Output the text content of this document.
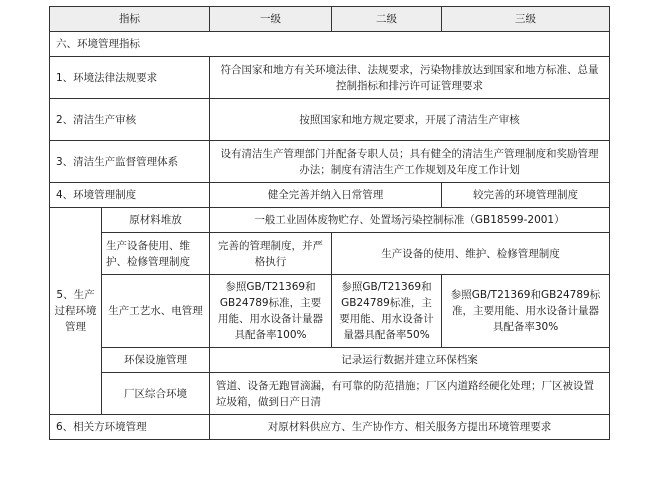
指标		一级	二级	三级
六、环境管理指标				
1、环境法律法规要求		符合国家和地方有关环境法律、法规要求，污染物排放达到国家和地方标准、总量控制指标和排污许可证管理要求		
2、清洁生产审核		按照国家和地方规定要求，开展了清洁生产审核		
3、清洁生产监督管理体系		设有清洁生产管理部门并配备专职人员；具有健全的清洁生产管理制度和奖励管理办法；制度有清洁生产工作规划及年度工作计划		
4、环境管理制度		健全完善并纳入日常管理		较完善的环境管理制度
5、生产过程环境管理	原材料堆放	一般工业固体废物贮存、处置场污染控制标准（GB18599-2001）		
	生产设备使用、维护、检修管理制度	完善的管理制度，并严格执行	生产设备的使用、维护、检修管理制度	
	生产工艺水、电管理	参照GB/T21369和GB24789标准，主要用能、用水设备计量器具配备率100%	参照GB/T21369和GB24789标准，主要用能、用水设备计量器具配备率50%	参照GB/T21369和GB24789标准，主要用能、用水设备计量器具配备率30%
	环保设施管理	记录运行数据并建立环保档案		
	厂区综合环境	管道、设备无跑冒滴漏，有可靠的防范措施；厂区内道路经硬化处理；厂区被设置垃圾箱，做到日产日清		
6、相关方环境管理		对原材料供应方、生产协作方、相关服务方提出环境管理要求		
